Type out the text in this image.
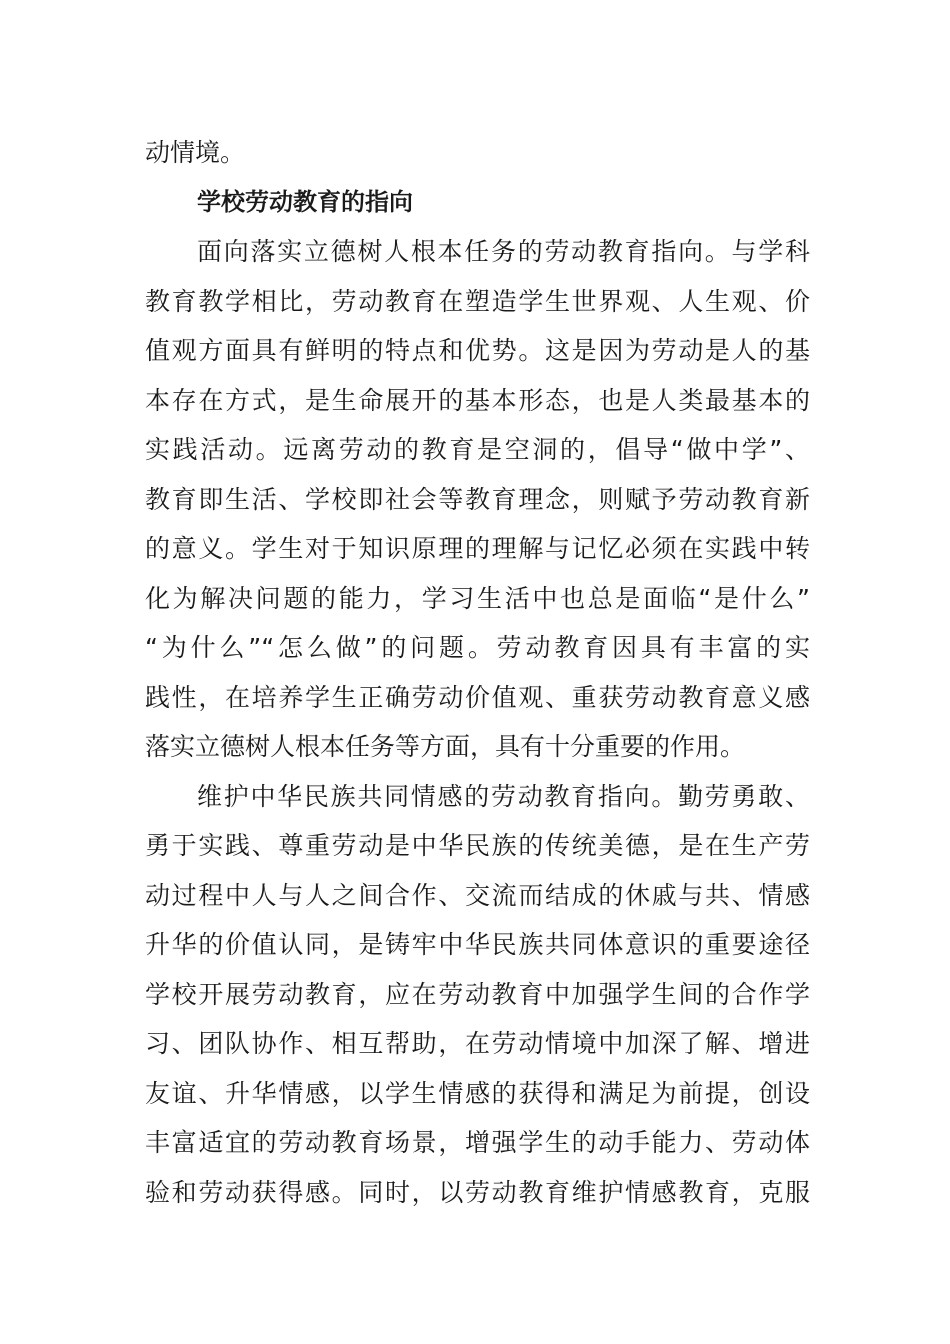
动情境。
学校劳动教育的指向
面向落实立德树人根本任务的劳动教育指向。与学科
教育教学相比，劳动教育在塑造学生世界观、人生观、价
值观方面具有鲜明的特点和优势。这是因为劳动是人的基
本存在方式，是生命展开的基本形态，也是人类最基本的
实践活动。远离劳动的教育是空洞的，倡导“做中学”、
教育即生活、学校即社会等教育理念，则赋予劳动教育新
的意义。学生对于知识原理的理解与记忆必须在实践中转
化为解决问题的能力，学习生活中也总是面临“是什么”
“为什么”“怎么做”的问题。劳动教育因具有丰富的实
践性，在培养学生正确劳动价值观、重获劳动教育意义感
落实立德树人根本任务等方面，具有十分重要的作用。
维护中华民族共同情感的劳动教育指向。勤劳勇敢、
勇于实践、尊重劳动是中华民族的传统美德，是在生产劳
动过程中人与人之间合作、交流而结成的休戚与共、情感
升华的价值认同，是铸牢中华民族共同体意识的重要途径
学校开展劳动教育，应在劳动教育中加强学生间的合作学
习、团队协作、相互帮助，在劳动情境中加深了解、增进
友谊、升华情感，以学生情感的获得和满足为前提，创设
丰富适宜的劳动教育场景，增强学生的动手能力、劳动体
验和劳动获得感。同时，以劳动教育维护情感教育，克服
